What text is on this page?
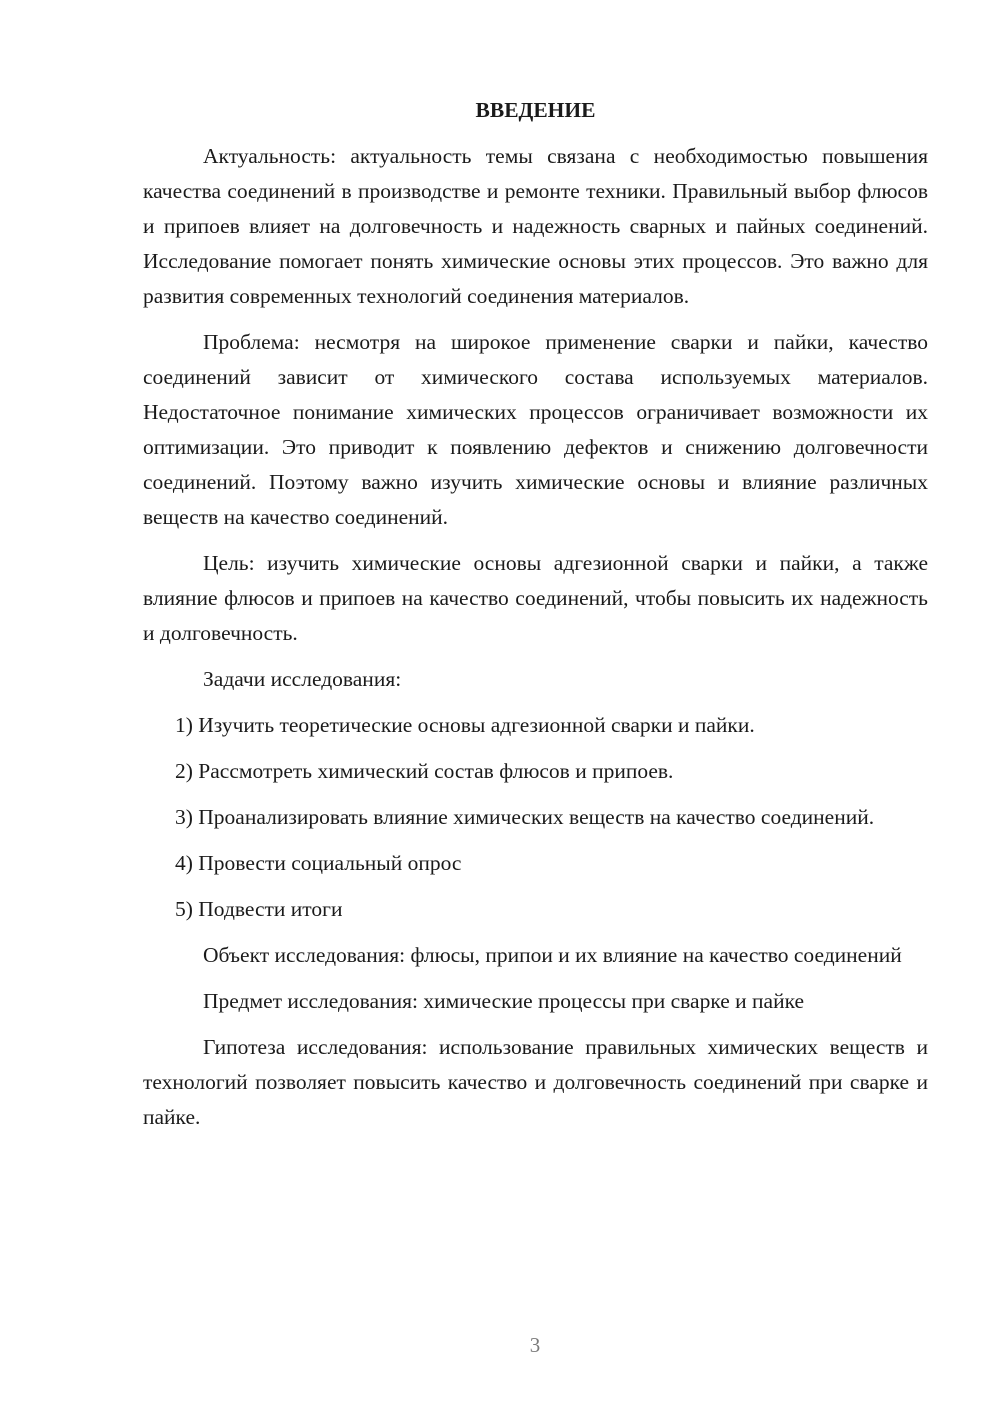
ВВЕДЕНИЕ

Актуальность: актуальность темы связана с необходимостью повышения качества соединений в производстве и ремонте техники. Правильный выбор флюсов и припоев влияет на долговечность и надежность сварных и пайных соединений. Исследование помогает понять химические основы этих процессов. Это важно для развития современных технологий соединения материалов.

Проблема: несмотря на широкое применение сварки и пайки, качество соединений зависит от химического состава используемых материалов. Недостаточное понимание химических процессов ограничивает возможности их оптимизации. Это приводит к появлению дефектов и снижению долговечности соединений. Поэтому важно изучить химические основы и влияние различных веществ на качество соединений.

Цель: изучить химические основы адгезионной сварки и пайки, а также влияние флюсов и припоев на качество соединений, чтобы повысить их надежность и долговечность.

Задачи исследования:

1) Изучить теоретические основы адгезионной сварки и пайки.

2) Рассмотреть химический состав флюсов и припоев.

3) Проанализировать влияние химических веществ на качество соединений.

4) Провести социальный опрос

5) Подвести итоги

Объект исследования: флюсы, припои и их влияние на качество соединений

Предмет исследования: химические процессы при сварке и пайке

Гипотеза исследования: использование правильных химических веществ и технологий позволяет повысить качество и долговечность соединений при сварке и пайке.

3
